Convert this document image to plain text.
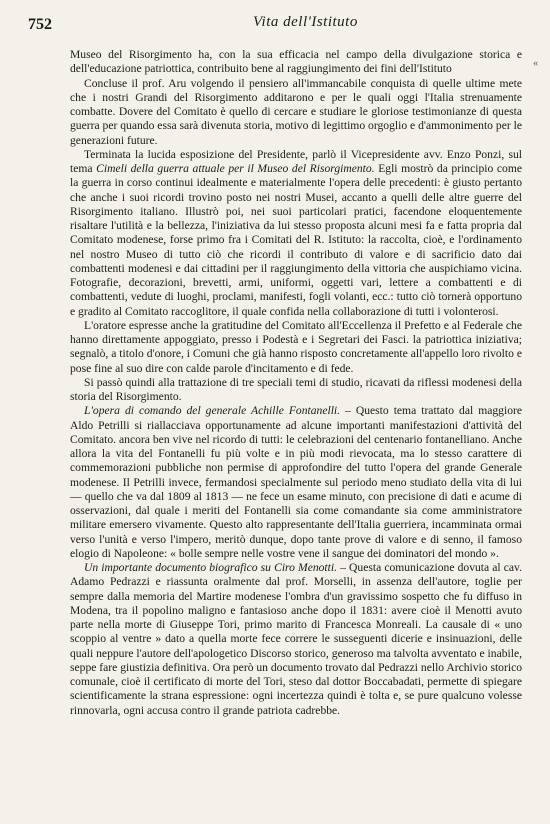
752	Vita dell'Istituto
«

Museo del Risorgimento ha, con la sua efficacia nel campo della divulgazione storica e dell'educazione patriottica, contribuito bene al raggiungimento dei fini dell'Istituto

Concluse il prof. Aru volgendo il pensiero all'immancabile conquista di quelle ultime mete che i nostri Grandi del Risorgimento additarono e per le quali oggi l'Italia strenuamente combatte. Dovere del Comitato è quello di cercare e studiare le gloriose testimonianze di questa guerra per quando essa sarà divenuta storia, motivo di legittimo orgoglio e d'ammonimento per le generazioni future.

Terminata la lucida esposizione del Presidente, parlò il Vicepresidente avv. Enzo Ponzi, sul tema Cimeli della guerra attuale per il Museo del Risorgimento. Egli mostrò da principio come la guerra in corso continui idealmente e materialmente l'opera delle precedenti: è giusto pertanto che anche i suoi ricordi trovino posto nei nostri Musei, accanto a quelli delle altre guerre del Risorgimento italiano. Illustrò poi, nei suoi particolari pratici, facendone eloquentemente risaltare l'utilità e la bellezza, l'iniziativa da lui stesso proposta alcuni mesi fa e fatta propria dal Comitato modenese, forse primo fra i Comitati del R. Istituto: la raccolta, cioè, e l'ordinamento nel nostro Museo di tutto ciò che ricordi il contributo di valore e di sacrificio dato dai combattenti modenesi e dai cittadini per il raggiungimento della vittoria che auspichiamo vicina. Fotografie, decorazioni, brevetti, armi, uniformi, oggetti vari, lettere a combattenti e di combattenti, vedute di luoghi, proclami, manifesti, fogli volanti, ecc.: tutto ciò tornerà opportuno e gradito al Comitato raccoglitore, il quale confida nella collaborazione di tutti i volonterosi.

L'oratore espresse anche la gratitudine del Comitato all'Eccellenza il Prefetto e al Federale che hanno direttamente appoggiato, presso i Podestà e i Segretari dei Fasci. la patriottica iniziativa; segnalò, a titolo d'onore, i Comuni che già hanno risposto concretamente all'appello loro rivolto e pose fine al suo dire con calde parole d'incitamento e di fede.

Si passò quindi alla trattazione di tre speciali temi di studio, ricavati da riflessi modenesi della storia del Risorgimento.

L'opera di comando del generale Achille Fontanelli. – Questo tema trattato dal maggiore Aldo Petrilli si riallacciava opportunamente ad alcune importanti manifestazioni d'attività del Comitato. ancora ben vive nel ricordo di tutti: le celebrazioni del centenario fontanelliano. Anche allora la vita del Fontanelli fu più volte e in più modi rievocata, ma lo stesso carattere di commemorazioni pubbliche non permise di approfondire del tutto l'opera del grande Generale modenese. Il Petrilli invece, fermandosi specialmente sul periodo meno studiato della vita di lui — quello che va dal 1809 al 1813 — ne fece un esame minuto, con precisione di dati e acume di osservazioni, dal quale i meriti del Fontanelli sia come comandante sia come amministratore militare emersero vivamente. Questo alto rappresentante dell'Italia guerriera, incamminata ormai verso l'unità e verso l'impero, meritò dunque, dopo tante prove di valore e di senno, il famoso elogio di Napoleone: « bolle sempre nelle vostre vene il sangue dei dominatori del mondo ».

Un importante documento biografico su Ciro Menotti. – Questa comunicazione dovuta al cav. Adamo Pedrazzi e riassunta oralmente dal prof. Morselli, in assenza dell'autore, toglie per sempre dalla memoria del Martire modenese l'ombra d'un gravissimo sospetto che fu diffuso in Modena, tra il popolino maligno e fantasioso anche dopo il 1831: avere cioè il Menotti avuto parte nella morte di Giuseppe Tori, primo marito di Francesca Monreali. La causale di « uno scoppio al ventre » dato a quella morte fece correre le susseguenti dicerie e insinuazioni, delle quali neppure l'autore dell'apologetico Discorso storico, generoso ma talvolta avventato e inabile, seppe fare giustizia definitiva. Ora però un documento trovato dal Pedrazzi nello Archivio storico comunale, cioè il certificato di morte del Tori, steso dal dottor Boccabadati, permette di spiegare scientificamente la strana espressione: ogni incertezza quindi è tolta e, se pure qualcuno volesse rinnovarla, ogni accusa contro il grande patriota cadrebbe.
